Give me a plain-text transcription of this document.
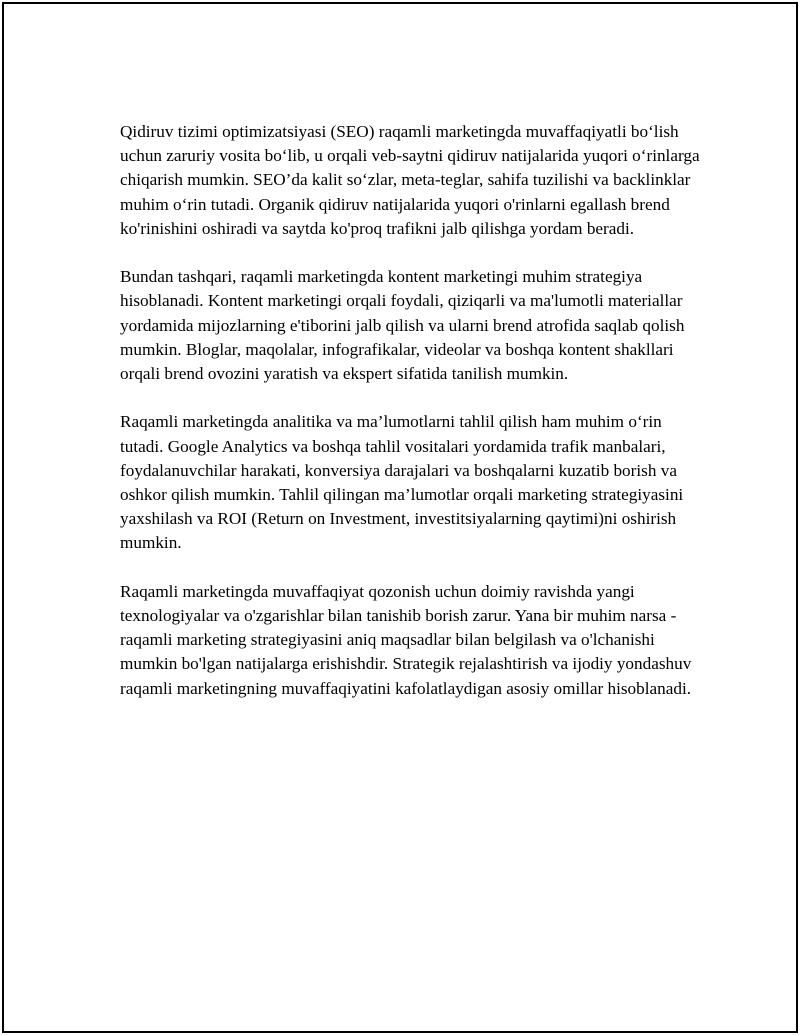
Qidiruv tizimi optimizatsiyasi (SEO) raqamli marketingda muvaffaqiyatli bo‘lish uchun zaruriy vosita bo‘lib, u orqali veb-saytni qidiruv natijalarida yuqori o‘rinlarga chiqarish mumkin. SEO’da kalit so‘zlar, meta-teglar, sahifa tuzilishi va backlinklar muhim o‘rin tutadi. Organik qidiruv natijalarida yuqori o'rinlarni egallash brend ko'rinishini oshiradi va saytda ko'proq trafikni jalb qilishga yordam beradi.

Bundan tashqari, raqamli marketingda kontent marketingi muhim strategiya hisoblanadi. Kontent marketingi orqali foydali, qiziqarli va ma'lumotli materiallar yordamida mijozlarning e'tiborini jalb qilish va ularni brend atrofida saqlab qolish mumkin. Bloglar, maqolalar, infografikalar, videolar va boshqa kontent shakllari orqali brend ovozini yaratish va ekspert sifatida tanilish mumkin.

Raqamli marketingda analitika va ma’lumotlarni tahlil qilish ham muhim o‘rin tutadi. Google Analytics va boshqa tahlil vositalari yordamida trafik manbalari, foydalanuvchilar harakati, konversiya darajalari va boshqalarni kuzatib borish va oshkor qilish mumkin. Tahlil qilingan ma’lumotlar orqali marketing strategiyasini yaxshilash va ROI (Return on Investment, investitsiyalarning qaytimi)ni oshirish mumkin.

Raqamli marketingda muvaffaqiyat qozonish uchun doimiy ravishda yangi texnologiyalar va o'zgarishlar bilan tanishib borish zarur. Yana bir muhim narsa - raqamli marketing strategiyasini aniq maqsadlar bilan belgilash va o'lchanishi mumkin bo'lgan natijalarga erishishdir. Strategik rejalashtirish va ijodiy yondashuv raqamli marketingning muvaffaqiyatini kafolatlaydigan asosiy omillar hisoblanadi.
